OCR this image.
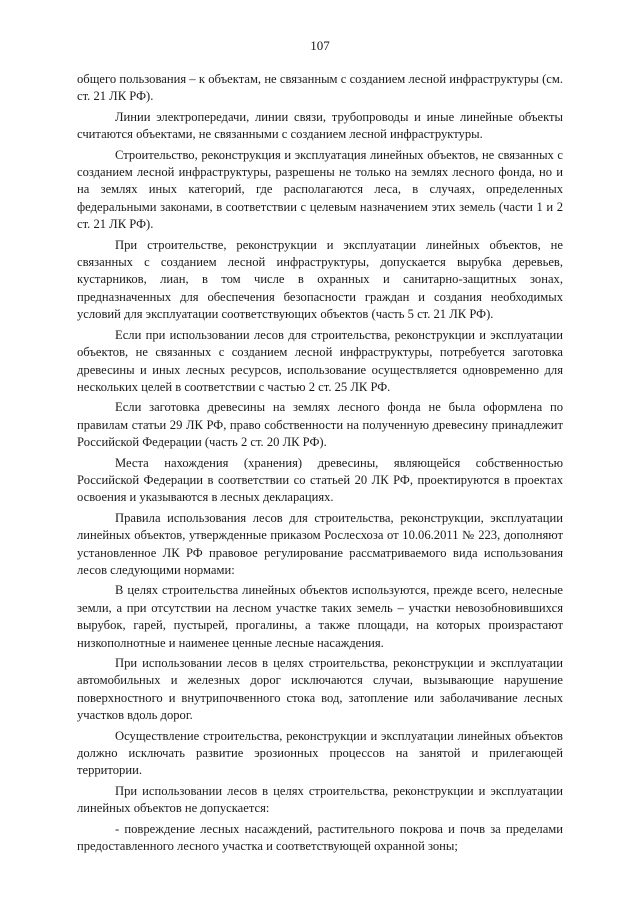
107

общего пользования – к объектам, не связанным с созданием лесной инфраструктуры (см. ст. 21 ЛК РФ).

Линии электропередачи, линии связи, трубопроводы и иные линейные объекты считаются объектами, не связанными с созданием лесной инфраструктуры.

Строительство, реконструкция и эксплуатация линейных объектов, не связанных с созданием лесной инфраструктуры, разрешены не только на землях лесного фонда, но и на землях иных категорий, где располагаются леса, в случаях, определенных федеральными законами, в соответствии с целевым назначением этих земель (части 1 и 2 ст. 21 ЛК РФ).

При строительстве, реконструкции и эксплуатации линейных объектов, не связанных с созданием лесной инфраструктуры, допускается вырубка деревьев, кустарников, лиан, в том числе в охранных и санитарно-защитных зонах, предназначенных для обеспечения безопасности граждан и создания необходимых условий для эксплуатации соответствующих объектов (часть 5 ст. 21 ЛК РФ).

Если при использовании лесов для строительства, реконструкции и эксплуатации объектов, не связанных с созданием лесной инфраструктуры, потребуется заготовка древесины и иных лесных ресурсов, использование осуществляется одновременно для нескольких целей в соответствии с частью 2 ст. 25 ЛК РФ.

Если заготовка древесины на землях лесного фонда не была оформлена по правилам статьи 29 ЛК РФ, право собственности на полученную древесину принадлежит Российской Федерации (часть 2 ст. 20 ЛК РФ).

Места нахождения (хранения) древесины, являющейся собственностью Российской Федерации в соответствии со статьей 20 ЛК РФ, проектируются в проектах освоения и указываются в лесных декларациях.

Правила использования лесов для строительства, реконструкции, эксплуатации линейных объектов, утвержденные приказом Рослесхоза от 10.06.2011 № 223, дополняют установленное ЛК РФ правовое регулирование рассматриваемого вида использования лесов следующими нормами:

В целях строительства линейных объектов используются, прежде всего, нелесные земли, а при отсутствии на лесном участке таких земель – участки невозобновившихся вырубок, гарей, пустырей, прогалины, а также площади, на которых произрастают низкополнотные и наименее ценные лесные насаждения.

При использовании лесов в целях строительства, реконструкции и эксплуатации автомобильных и железных дорог исключаются случаи, вызывающие нарушение поверхностного и внутрипочвенного стока вод, затопление или заболачивание лесных участков вдоль дорог.

Осуществление строительства, реконструкции и эксплуатации линейных объектов должно исключать развитие эрозионных процессов на занятой и прилегающей территории.

При использовании лесов в целях строительства, реконструкции и эксплуатации линейных объектов не допускается:

- повреждение лесных насаждений, растительного покрова и почв за пределами предоставленного лесного участка и соответствующей охранной зоны;
